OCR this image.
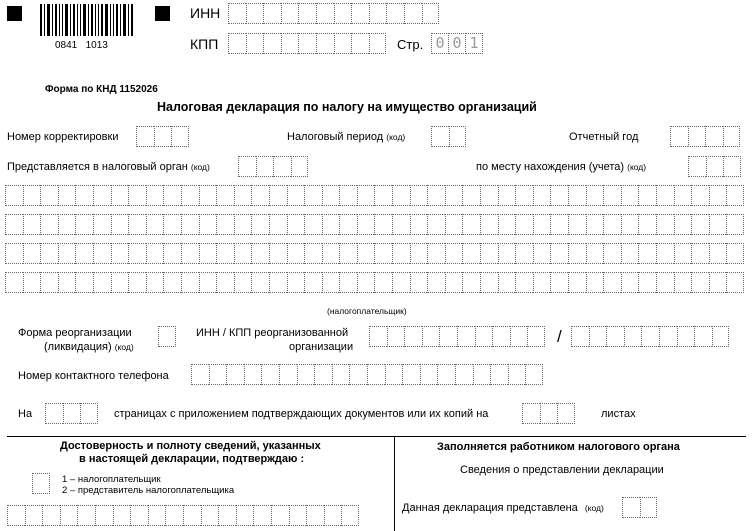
0841   1013
ИНН
КПП	Стр. 0 0 1
Форма по КНД 1152026
Налоговая декларация по налогу на имущество организаций
Номер корректировки	Налоговый период (код)	Отчетный год
Представляется в налоговый орган (код)	по месту нахождения (учета) (код)
(налогоплательщик)
Форма реорганизации
(ликвидация) (код)
ИНН / КПП реорганизованной
организации
/
Номер контактного телефона
На	страницах с приложением подтверждающих документов или их копий на	листах
Достоверность и полноту сведений, указанных
в настоящей декларации, подтверждаю :
1 – налогоплательщик
2 – представитель налогоплательщика
Заполняется работником налогового органа
Сведения о представлении декларации
Данная декларация представлена (код)
